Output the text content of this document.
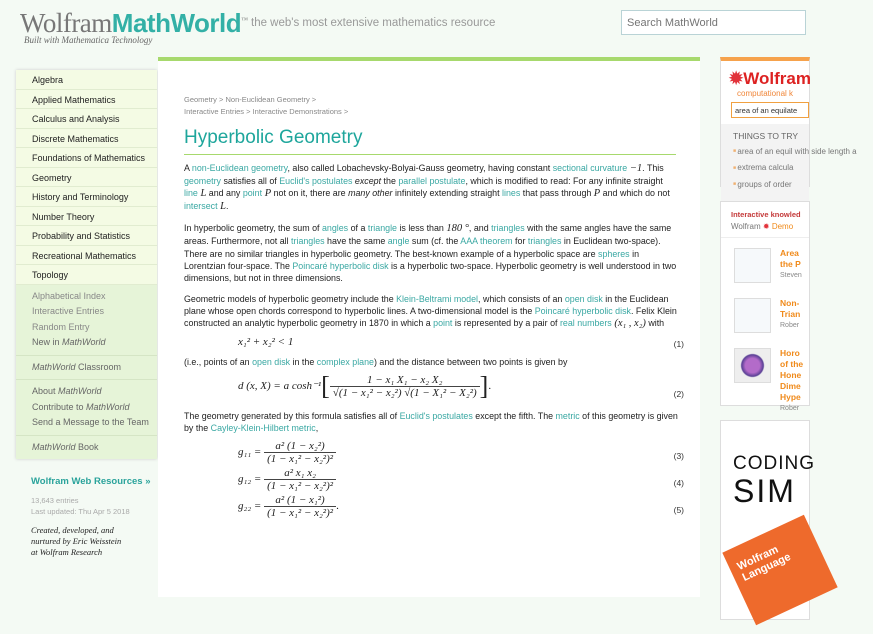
WolframMathWorld™
Built with Mathematica Technology
the web's most extensive mathematics resource
Search MathWorld
Algebra
Applied Mathematics
Calculus and Analysis
Discrete Mathematics
Foundations of Mathematics
Geometry
History and Terminology
Number Theory
Probability and Statistics
Recreational Mathematics
Topology
Alphabetical Index
Interactive Entries
Random Entry
New in MathWorld
MathWorld Classroom
About MathWorld
Contribute to MathWorld
Send a Message to the Team
MathWorld Book
Wolfram Web Resources »
13,643 entries
Last updated: Thu Apr 5 2018
Created, developed, and
nurtured by Eric Weisstein
at Wolfram Research
Geometry > Non-Euclidean Geometry >
Interactive Entries > Interactive Demonstrations >
Hyperbolic Geometry

A non-Euclidean geometry, also called Lobachevsky-Bolyai-Gauss geometry, having constant sectional curvature −1. This geometry satisfies all of Euclid's postulates except the parallel postulate, which is modified to read: For any infinite straight line L and any point P not on it, there are many other infinitely extending straight lines that pass through P and which do not intersect L.

In hyperbolic geometry, the sum of angles of a triangle is less than 180 °, and triangles with the same angles have the same areas. Furthermore, not all triangles have the same angle sum (cf. the AAA theorem for triangles in Euclidean two-space). There are no similar triangles in hyperbolic geometry. The best-known example of a hyperbolic space are spheres in Lorentzian four-space. The Poincaré hyperbolic disk is a hyperbolic two-space. Hyperbolic geometry is well understood in two dimensions, but not in three dimensions.

Geometric models of hyperbolic geometry include the Klein-Beltrami model, which consists of an open disk in the Euclidean plane whose open chords correspond to hyperbolic lines. A two-dimensional model is the Poincaré hyperbolic disk. Felix Klein constructed an analytic hyperbolic geometry in 1870 in which a point is represented by a pair of real numbers (x₁ , x₂) with

x₁² + x₂² < 1	(1)

(i.e., points of an open disk in the complex plane) and the distance between two points is given by

d (x, X) = a $\cosh^{-1}[ \frac{\text{1 − x₁ X₁ − x₂ X₂}}{\text{√(1 − x₁² − x₂²) √(1 − X₁² − X₂²)}}$ ].
(2)

The geometry generated by this formula satisfies all of Euclid's postulates except the fifth. The metric of this geometry is given by the Cayley-Klein-Hilbert metric,

$g_{11} = \frac{\text{a² (1 − x₂²)}}{\text{(1 − x₁² − x₂²)²}}$	(3)
$g_{12} = \frac{\text{a² x₁ x₂}}{\text{(1 − x₁² − x₂²)²}}$	(4)
$g_{22} = \frac{\text{a² (1 − x₁²)}}{\text{(1 − x₁² − x₂²)²}}$ .	(5)
✹Wolfram
computational k
area of an equilate
THINGS TO TRY
■ area of an equil with side length a
■ extrema calcula
■ groups of order
Interactive knowled
Wolfram ✹ Demo
Area
the P
Steven
Non-
Trian
Rober
Horo
of the
Hone
Dime
Hype
Rober
CODING
SIM
Wolfram Language
